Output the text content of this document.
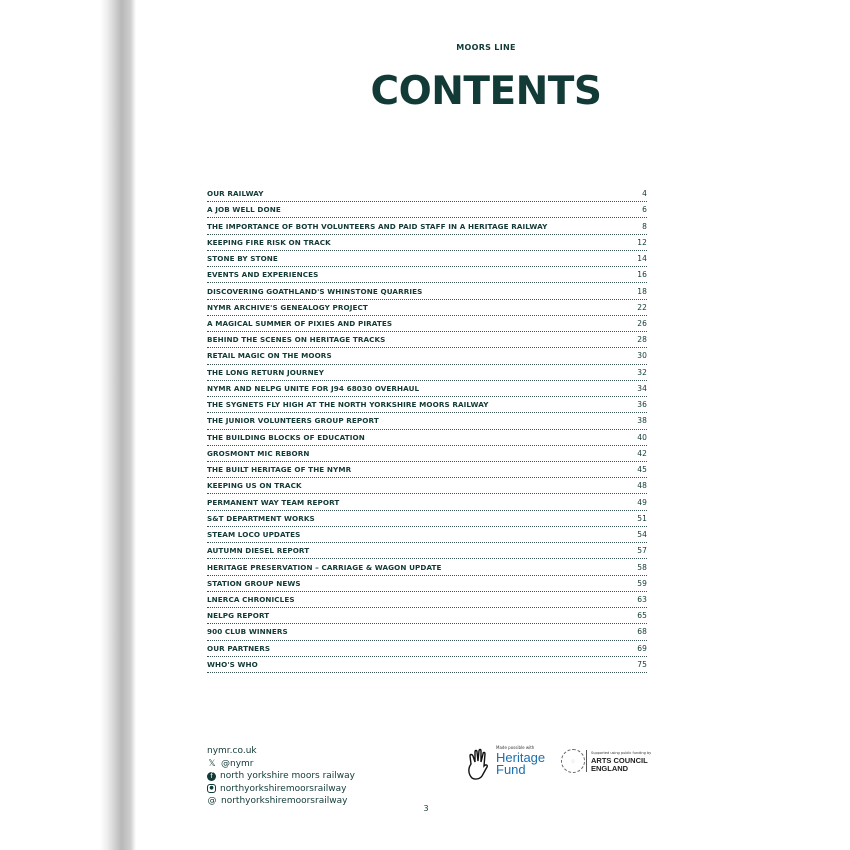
MOORS LINE
CONTENTS
OUR RAILWAY	4
A JOB WELL DONE	6
THE IMPORTANCE OF BOTH VOLUNTEERS AND PAID STAFF IN A HERITAGE RAILWAY	8
KEEPING FIRE RISK ON TRACK	12
STONE BY STONE	14
EVENTS AND EXPERIENCES	16
DISCOVERING GOATHLAND'S WHINSTONE QUARRIES	18
NYMR ARCHIVE'S GENEALOGY PROJECT	22
A MAGICAL SUMMER OF PIXIES AND PIRATES	26
BEHIND THE SCENES ON HERITAGE TRACKS	28
RETAIL MAGIC ON THE MOORS	30
THE LONG RETURN JOURNEY	32
NYMR AND NELPG UNITE FOR J94 68030 OVERHAUL	34
THE SYGNETS FLY HIGH AT THE NORTH YORKSHIRE MOORS RAILWAY	36
THE JUNIOR VOLUNTEERS GROUP REPORT	38
THE BUILDING BLOCKS OF EDUCATION	40
GROSMONT MIC REBORN	42
THE BUILT HERITAGE OF THE NYMR	45
KEEPING US ON TRACK	48
PERMANENT WAY TEAM REPORT	49
S&T DEPARTMENT WORKS	51
STEAM LOCO UPDATES	54
AUTUMN DIESEL REPORT	57
HERITAGE PRESERVATION – CARRIAGE & WAGON UPDATE	58
STATION GROUP NEWS	59
LNERCA CHRONICLES	63
NELPG REPORT	65
900 CLUB WINNERS	68
OUR PARTNERS	69
WHO'S WHO	75
nymr.co.uk
𝕏 @nymr
f north yorkshire moors railway
● northyorkshiremoorsrailway
@ northyorkshiremoorsrailway
Made possible with
Heritage
Fund
◌
Supported using public funding by
ARTS COUNCIL
ENGLAND
3
